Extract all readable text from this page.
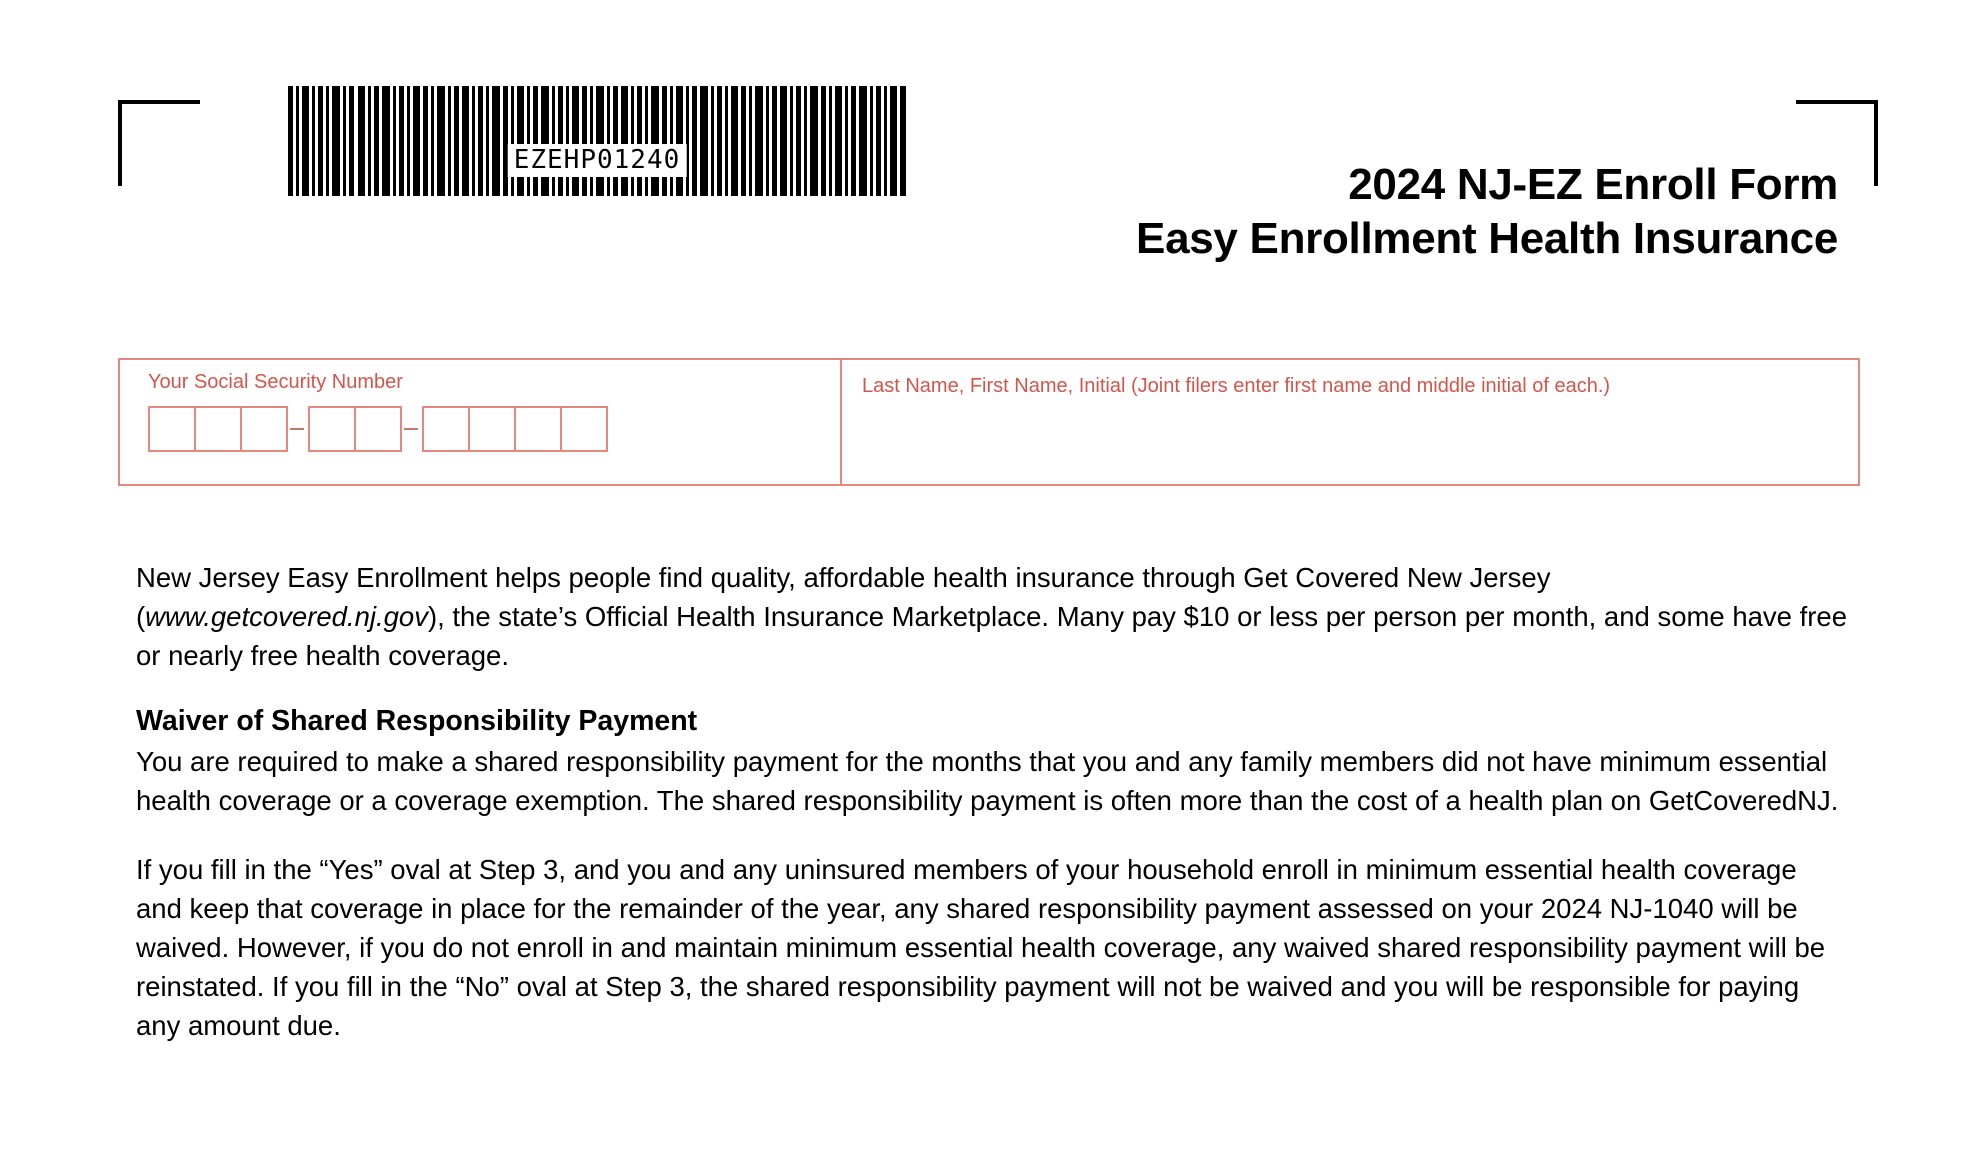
EZEHP01240	2024 NJ-EZ Enroll Form
Easy Enrollment Health Insurance
Your Social Security Number	Last Name, First Name, Initial (Joint filers enter first name and middle initial of each.)

New Jersey Easy Enrollment helps people find quality, affordable health insurance through Get Covered New Jersey (www.getcovered.nj.gov), the state’s Official Health Insurance Marketplace. Many pay $10 or less per person per month, and some have free or nearly free health coverage.

Waiver of Shared Responsibility Payment

You are required to make a shared responsibility payment for the months that you and any family members did not have minimum essential health coverage or a coverage exemption. The shared responsibility payment is often more than the cost of a health plan on GetCoveredNJ.

If you fill in the “Yes” oval at Step 3, and you and any uninsured members of your household enroll in minimum essential health coverage and keep that coverage in place for the remainder of the year, any shared responsibility payment assessed on your 2024 NJ-1040 will be waived. However, if you do not enroll in and maintain minimum essential health coverage, any waived shared responsibility payment will be reinstated. If you fill in the “No” oval at Step 3, the shared responsibility payment will not be waived and you will be responsible for paying any amount due.
